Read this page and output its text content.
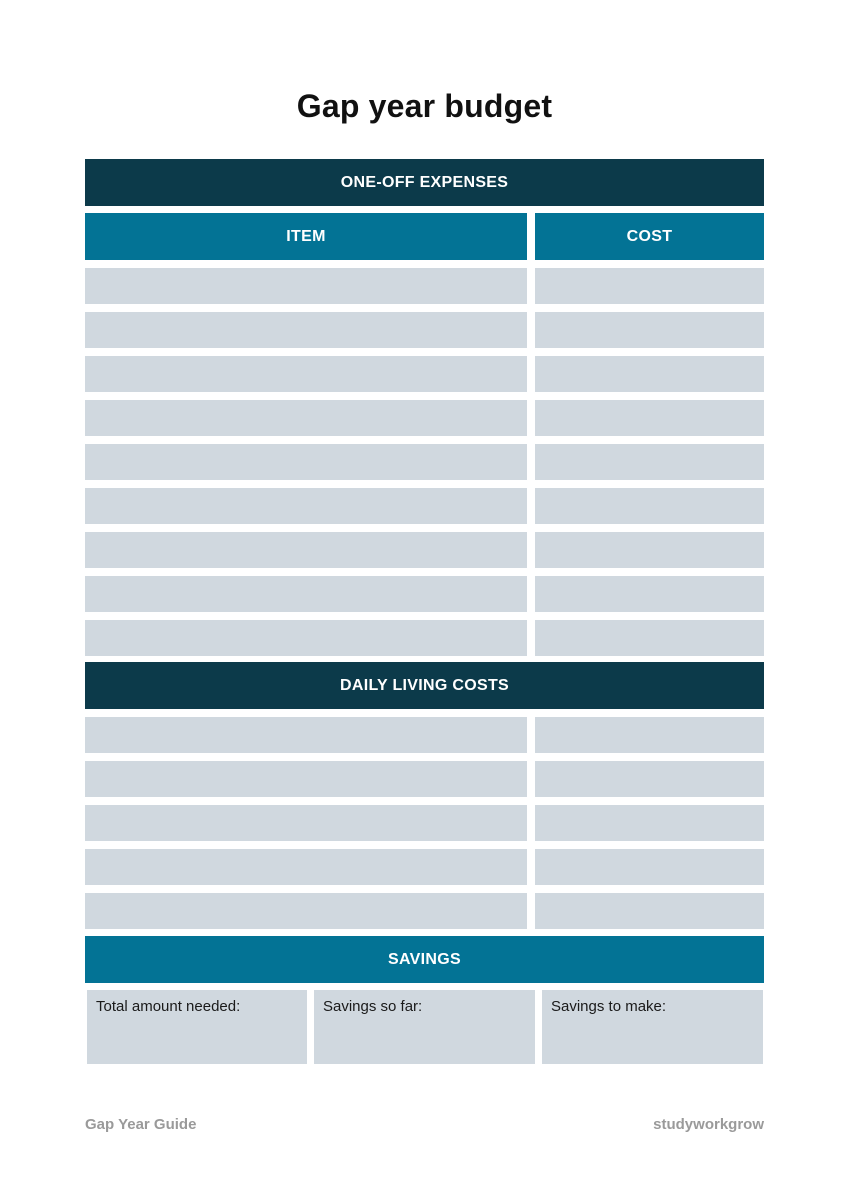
Gap year budget
ONE-OFF EXPENSES
ITEM	COST
DAILY LIVING COSTS
SAVINGS
Total amount needed:	Savings so far:	Savings to make:
Gap Year Guide	studyworkgrow
